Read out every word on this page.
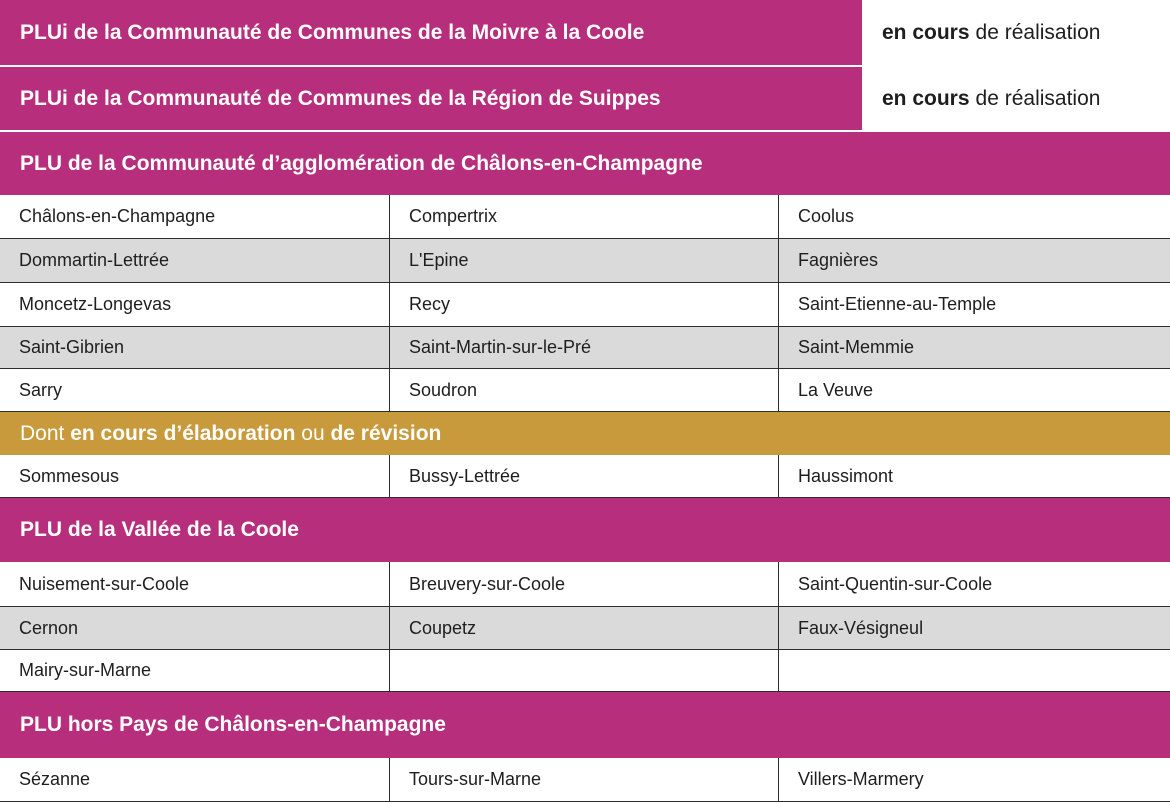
PLUi de la Communauté de Communes de la Moivre à la Coole	en cours de réalisation
PLUi de la Communauté de Communes de la Région de Suippes	en cours de réalisation
PLU de la Communauté d’agglomération de Châlons-en-Champagne
Châlons-en-Champagne	Compertrix	Coolus
Dommartin-Lettrée	L'Epine	Fagnières
Moncetz-Longevas	Recy	Saint-Etienne-au-Temple
Saint-Gibrien	Saint-Martin-sur-le-Pré	Saint-Memmie
Sarry	Soudron	La Veuve
Dont
en cours d’élaboration
ou
de révision
Sommesous	Bussy-Lettrée	Haussimont
PLU de la Vallée de la Coole
Nuisement-sur-Coole	Breuvery-sur-Coole	Saint-Quentin-sur-Coole
Cernon	Coupetz	Faux-Vésigneul
Mairy-sur-Marne
PLU hors Pays de Châlons-en-Champagne
Sézanne	Tours-sur-Marne	Villers-Marmery
